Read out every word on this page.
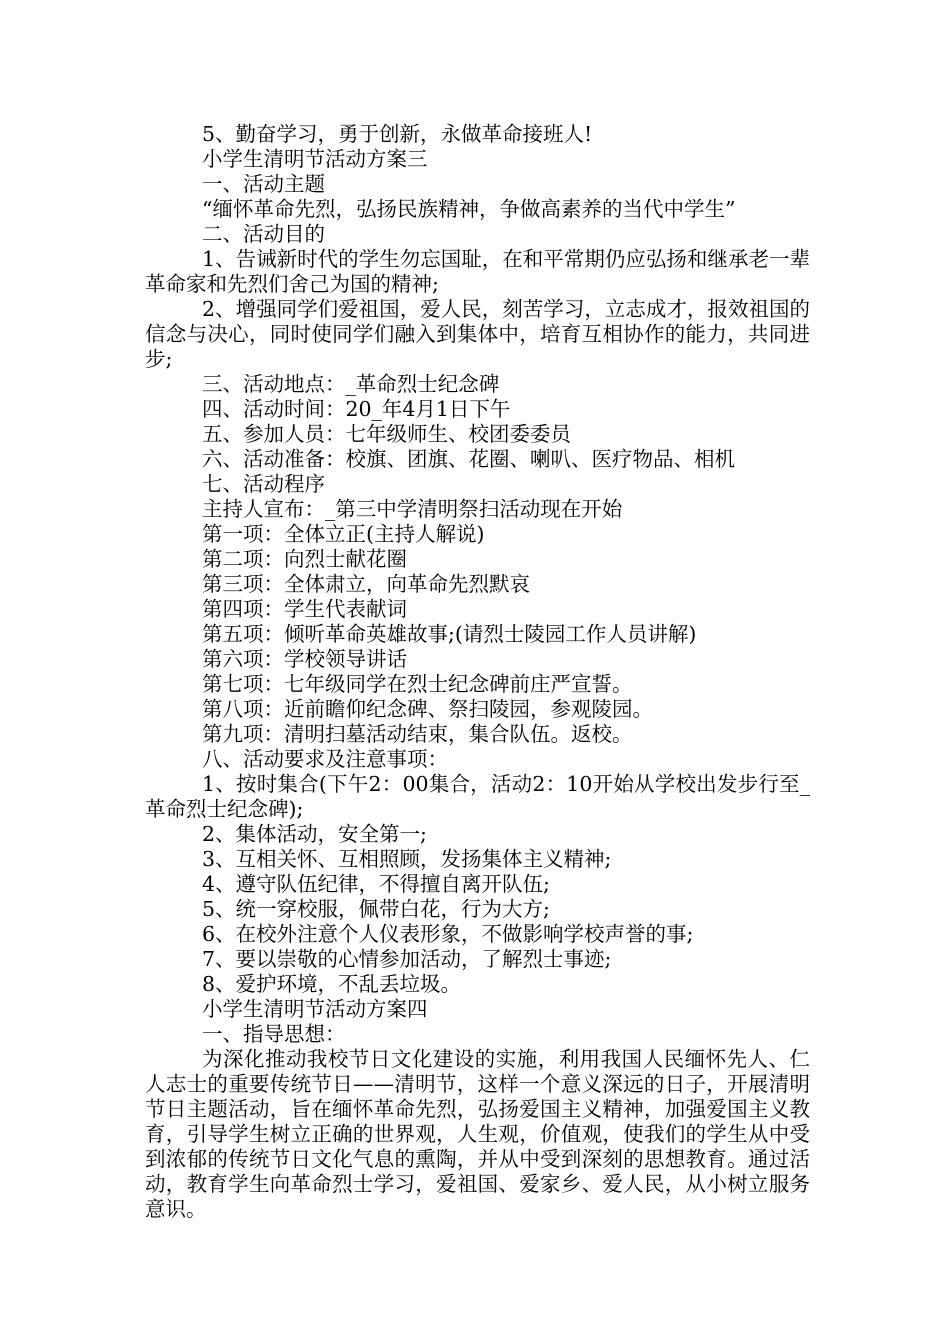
5、勤奋学习，勇于创新，永做革命接班人!

小学生清明节活动方案三

一、活动主题

“缅怀革命先烈，弘扬民族精神，争做高素养的当代中学生”

二、活动目的

1、告诫新时代的学生勿忘国耻，在和平常期仍应弘扬和继承老一辈革命家和先烈们舍己为国的精神;

2、增强同学们爱祖国，爱人民，刻苦学习，立志成才，报效祖国的信念与决心，同时使同学们融入到集体中，培育互相协作的能力，共同进步;

三、活动地点：_革命烈士纪念碑

四、活动时间：20_年4月1日下午

五、参加人员：七年级师生、校团委委员

六、活动准备：校旗、团旗、花圈、喇叭、医疗物品、相机

七、活动程序

主持人宣布：_第三中学清明祭扫活动现在开始

第一项：全体立正(主持人解说)

第二项：向烈士献花圈

第三项：全体肃立，向革命先烈默哀

第四项：学生代表献词

第五项：倾听革命英雄故事;(请烈士陵园工作人员讲解)

第六项：学校领导讲话

第七项：七年级同学在烈士纪念碑前庄严宣誓。

第八项：近前瞻仰纪念碑、祭扫陵园，参观陵园。

第九项：清明扫墓活动结束，集合队伍。返校。

八、活动要求及注意事项：

1、按时集合(下午2：00集合，活动2：10开始从学校出发步行至_革命烈士纪念碑);

2、集体活动，安全第一;

3、互相关怀、互相照顾，发扬集体主义精神;

4、遵守队伍纪律，不得擅自离开队伍;

5、统一穿校服，佩带白花，行为大方;

6、在校外注意个人仪表形象，不做影响学校声誉的事;

7、要以崇敬的心情参加活动，了解烈士事迹;

8、爱护环境，不乱丢垃圾。

小学生清明节活动方案四

一、指导思想：

为深化推动我校节日文化建设的实施，利用我国人民缅怀先人、仁人志士的重要传统节日——清明节，这样一个意义深远的日子，开展清明节日主题活动，旨在缅怀革命先烈，弘扬爱国主义精神，加强爱国主义教育，引导学生树立正确的世界观，人生观，价值观，使我们的学生从中受到浓郁的传统节日文化气息的熏陶，并从中受到深刻的思想教育。通过活动，教育学生向革命烈士学习，爱祖国、爱家乡、爱人民，从小树立服务意识。
